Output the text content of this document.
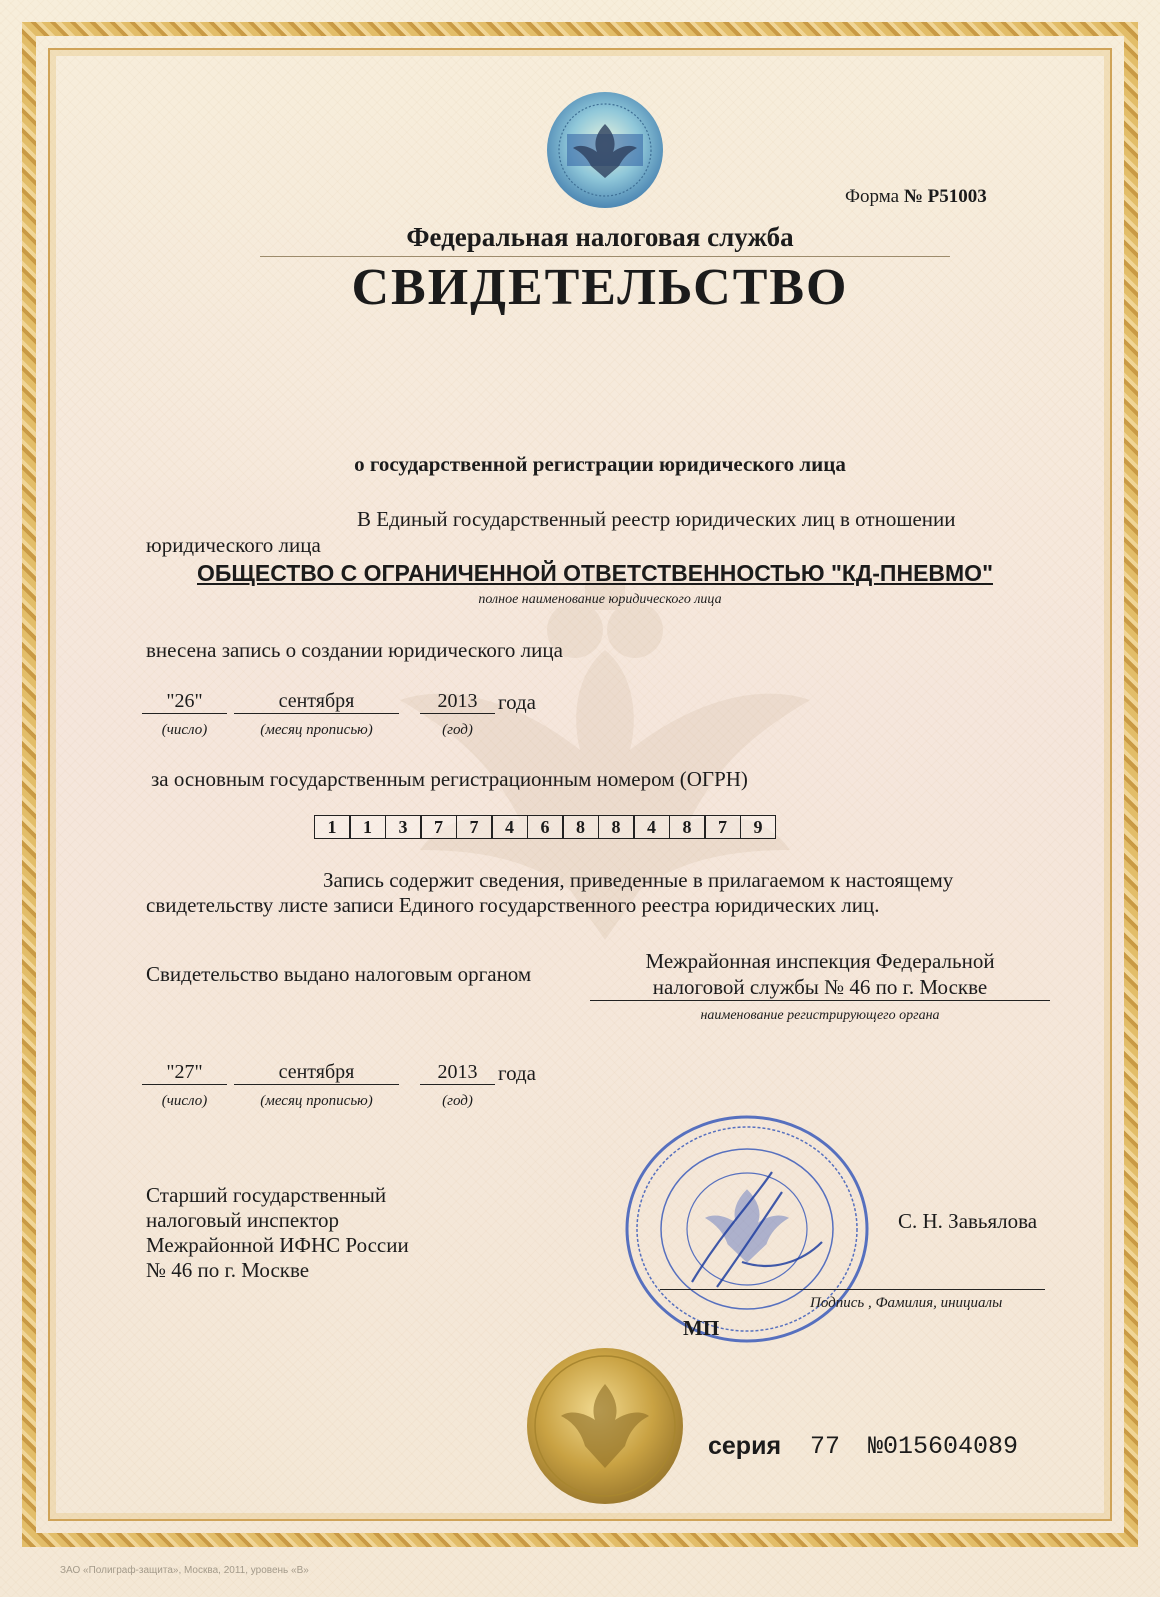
Форма № Р51003
Федеральная налоговая служба
СВИДЕТЕЛЬСТВО
о государственной регистрации юридического лица
В Единый государственный реестр юридических лиц в отношении
юридического лица
ОБЩЕСТВО С ОГРАНИЧЕННОЙ ОТВЕТСТВЕННОСТЬЮ "КД-ПНЕВМО"
полное наименование юридического лица
внесена запись о создании юридического лица
"26"	сентября	2013 года
(число)	(месяц прописью)	(год)
за основным государственным регистрационным номером (ОГРН)
1	1	3	7	7	4	6	8	8	4	8	7	9
Запись содержит сведения, приведенные в прилагаемом к настоящему
свидетельству листе записи Единого государственного реестра юридических лиц.
Свидетельство выдано налоговым органом
Межрайонная инспекция Федеральной
налоговой службы № 46 по г. Москве
наименование регистрирующего органа
"27"	сентября	2013 года
(число)	(месяц прописью)	(год)
Старший государственный
налоговый инспектор
Межрайонной ИФНС России
№ 46 по г. Москве
С. Н. Завьялова
Подпись , Фамилия, инициалы
МП
серия 77 №015604089
ЗАО «Полиграф-защита», Москва, 2011, уровень «В»
